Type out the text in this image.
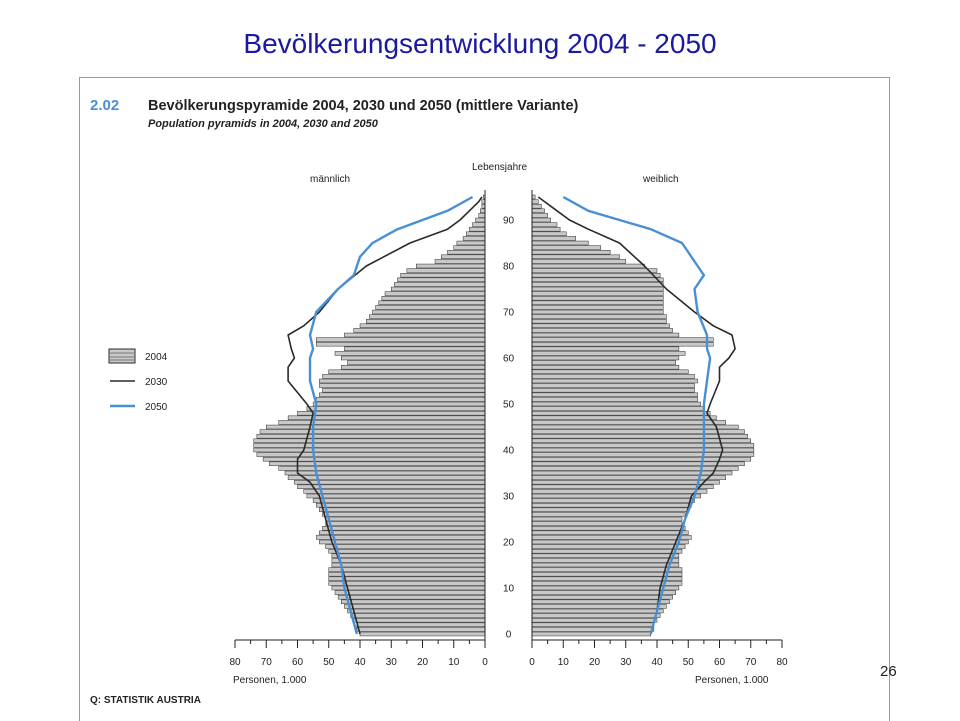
Bevölkerungsentwicklung 2004 - 2050
2.02 Bevölkerungspyramide 2004, 2030 und 2050 (mittlere Variante)
Population pyramids in 2004, 2030 and 2050
männlich	weiblich
Lebensjahre
0
10
20
30
40
50
60
70
80
90
0	0
10	10
20	20
30	30
40	40
50	50
60	60
70	70
80	80
2004
2030
2050
Personen, 1.000	Personen, 1.000
Q: STATISTIK AUSTRIA
26
